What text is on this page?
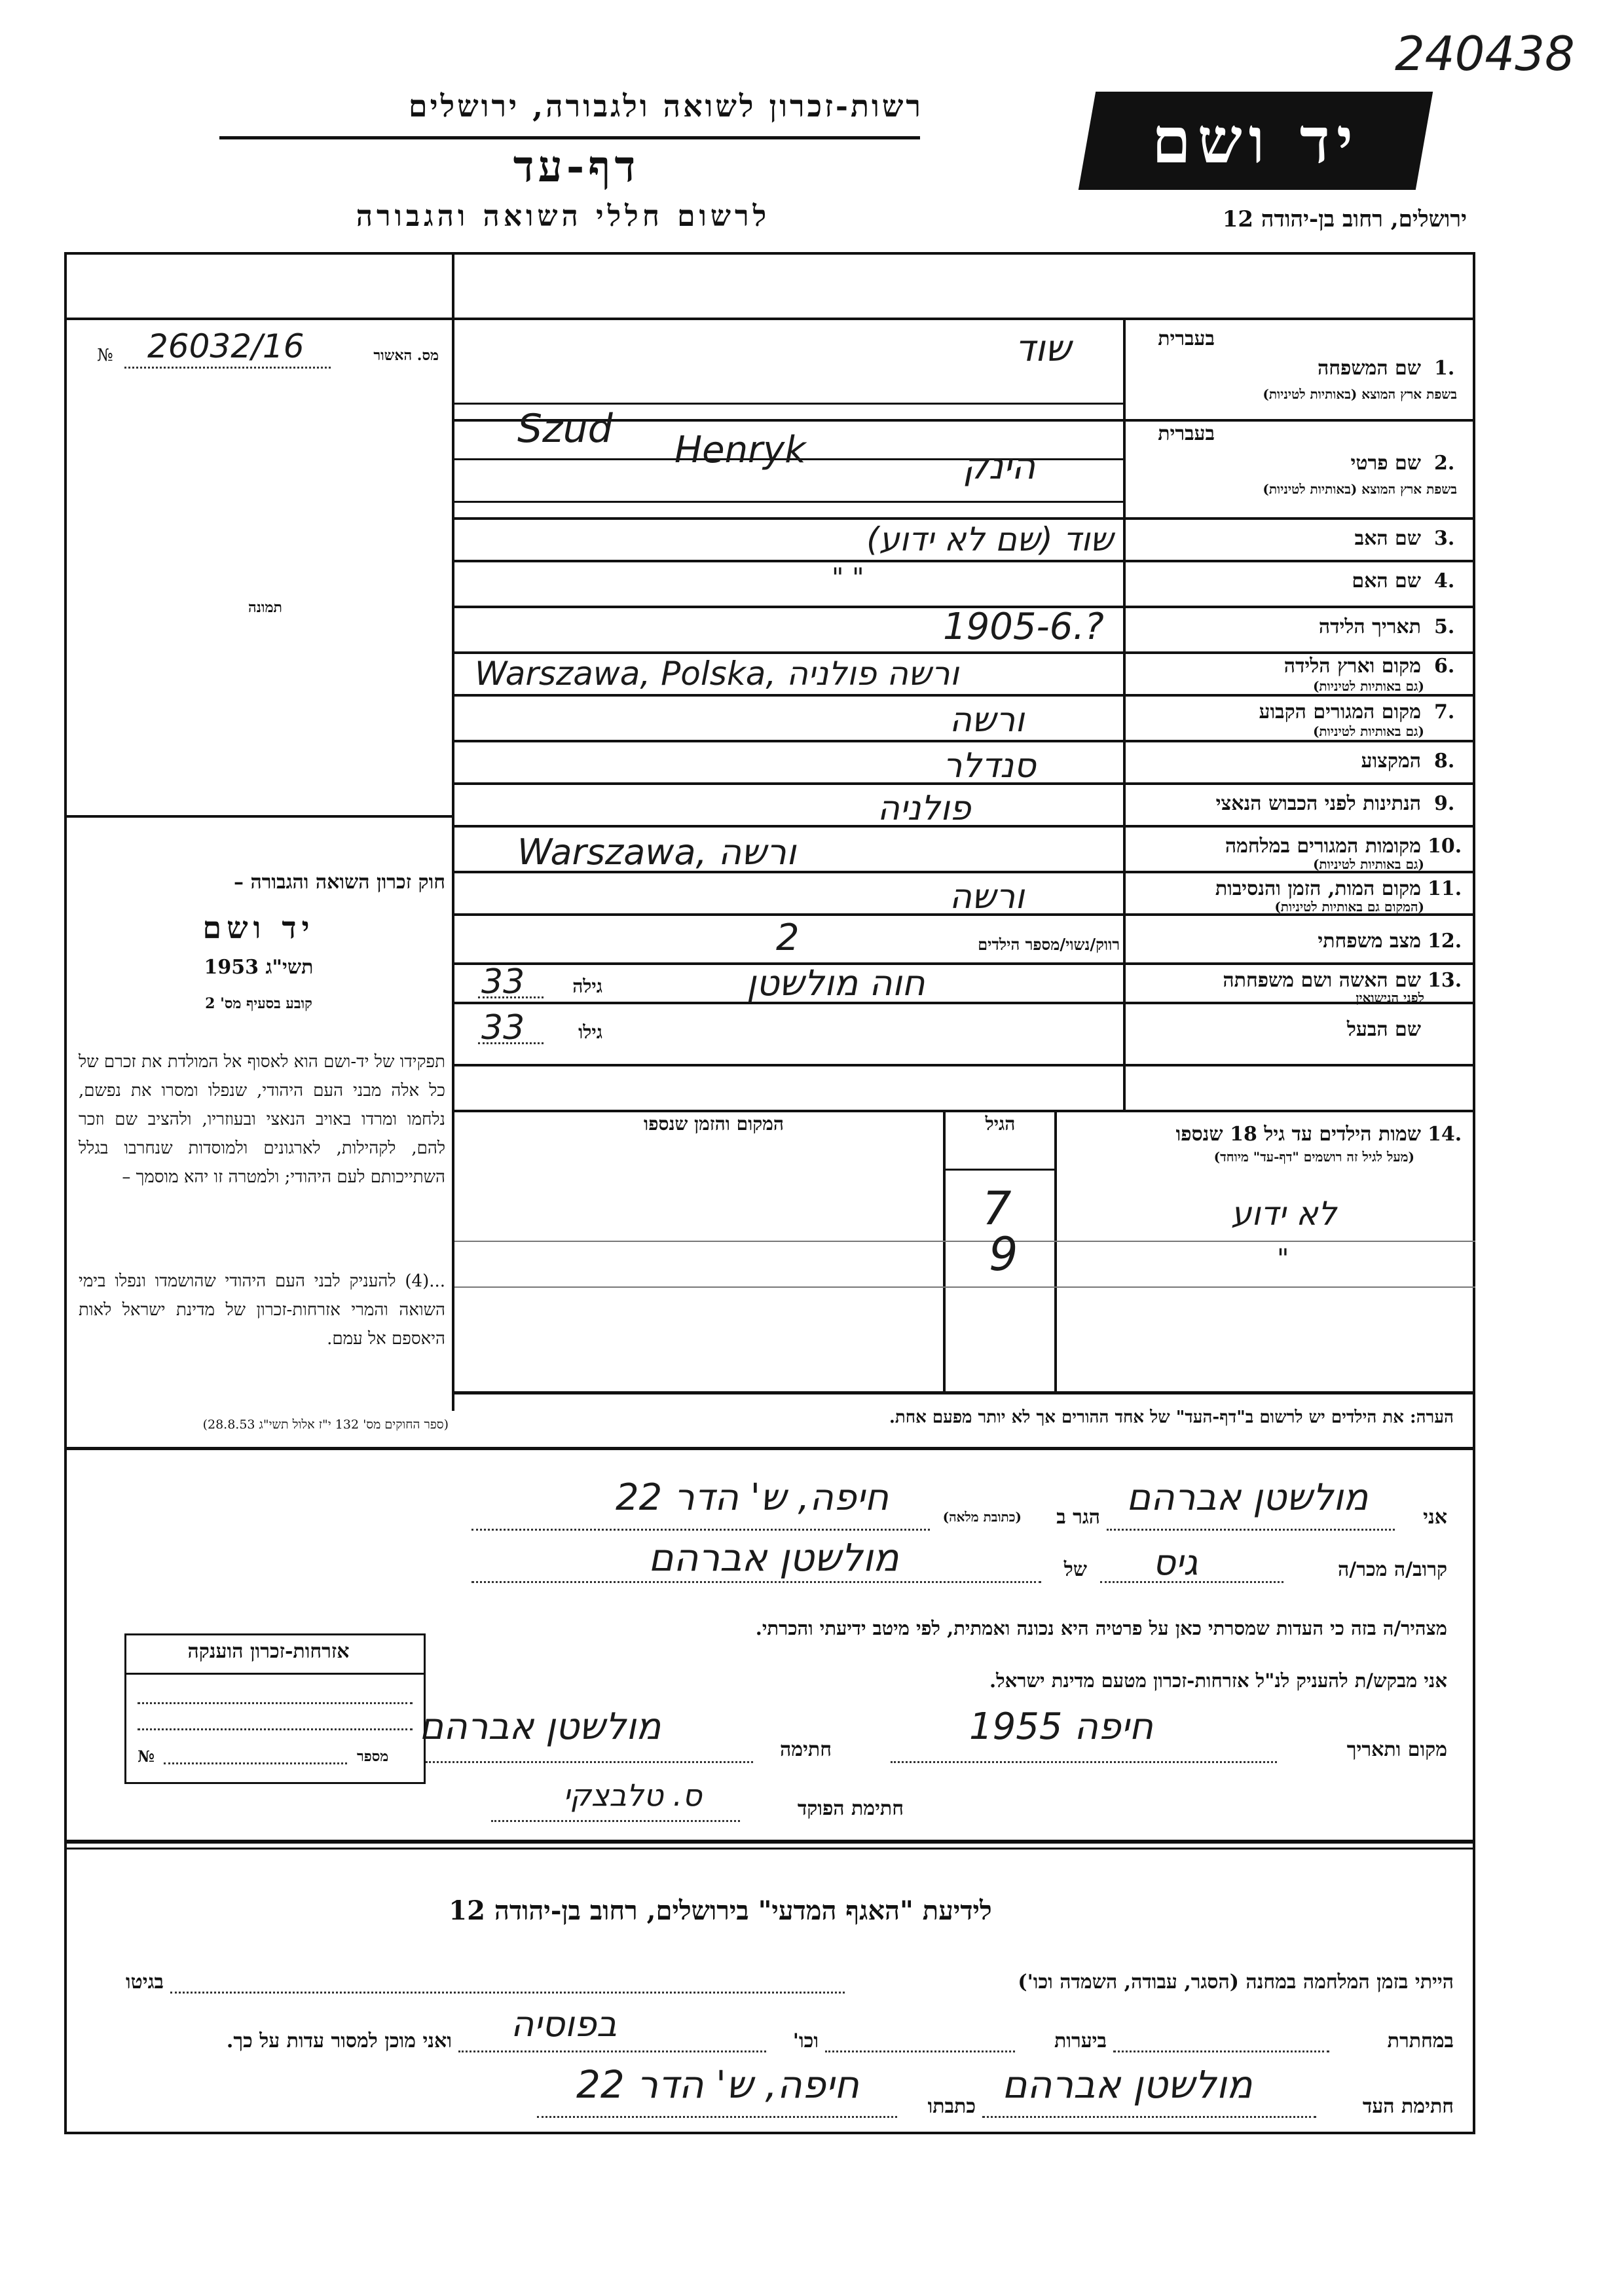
240438
רשות-זכרון לשואה ולגבורה, ירושלים
דף-עד
לרשום חללי השואה והגבורה
יד ושם
ירושלים, רחוב בן-יהודה 12
מס. האשור
№ 26032/16
תמונה
חוק זכרון השואה והגבורה –
יד ושם
תשי"ג 1953
קובע בסעיף מס' 2
תפקידו של יד-ושם הוא לאסוף אל המולדת את זכרם של כל אלה מבני העם היהודי, שנפלו ומסרו את נפשם, נלחמו ומרדו באויב הנאצי ובעוזריו, ולהציב שם וזכר להם, לקהילות, לארגונים ולמוסדות שנחרבו בגלל השתייכותם לעם היהודי; ולמטרה זו יהא מוסמך –
...(4) להעניק לבני העם היהודי שהושמדו ונפלו בימי השואה והמרי אזרחות-זכרון של מדינת ישראל לאות היאספם אל עמם.
(ספר החוקים מס' 132 י"ז אלול תשי"ג 28.8.53)
בעברית
שם המשפחה 1.
בשפת ארץ המוצא (באותיות לטיניות)
שוד
Szud	בעברית
שם פרטי 2.
בשפת ארץ המוצא (באותיות לטיניות)
Henryk	הינק
שם האב 3.
שוד (שם לא ידוע)
שם האם 4.
" "
תאריך הלידה 5.
1905-6.?
מקום וארץ הלידה 6.
(גם באותיות לטיניות)
Warszawa, Polska, ורשה פולניה
מקום המגורים הקבוע 7.
(גם באותיות לטיניות)
ורשה
המקצוע 8.
סנדלר
הנתינות לפני הכבוש הנאצי 9.
פולניה
מקומות המגורים במלחמה 10.
(גם באותיות לטיניות)
Warszawa, ורשה
מקום המות, הזמן והנסיבות 11.
(המקום גם באותיות לטיניות)
ורשה
מצב משפחתי 12.
רווק/נשוי/מספר הילדים
2
שם האשה ושם משפחתה 13.
לפני הנישואין
גילה
33	חוה מולשטן
שם הבעל
גילו
33
שמות הילדים עד גיל 18 שנספו 14.
(מעל לגיל זה רושמים "דף-עד" מיוחד)
הגיל
המקום והזמן שנספו
לא ידוע
7
"
9
הערה: את הילדים יש לרשום ב"דף-העד" של אחד ההורים אך לא יותר מפעם אחת.
אני
מולשטן אברהם
הגר ב
(כתובת מלאה)
חיפה, ש' הדר 22
קרוב/ה מכר/ה
גיס
של
מולשטן אברהם
מצהיר/ה בזה כי העדות שמסרתי כאן על פרטיה היא נכונה ואמתית, לפי מיטב ידיעתי והכרתי.
אני מבקש/ת להעניק לנ"ל אזרחות-זכרון מטעם מדינת ישראל.
מקום ותאריך
חיפה 1955
חתימה
מולשטן אברהם
חתימת הפוקד
ס. טלבצקי
אזרחות-זכרון הוענקה
№	מספר
לידיעת "האגף המדעי" בירושלים, רחוב בן-יהודה 12
הייתי בזמן המלחמה במחנה (הסגר, עבודה, השמדה וכו')
בגיטו
במחתרת
ביערות
וכו'
בפוסיה
ואני מוכן למסור עדות על כך.
חתימת העד
מולשטן אברהם
כתבתו
חיפה, ש' הדר 22
